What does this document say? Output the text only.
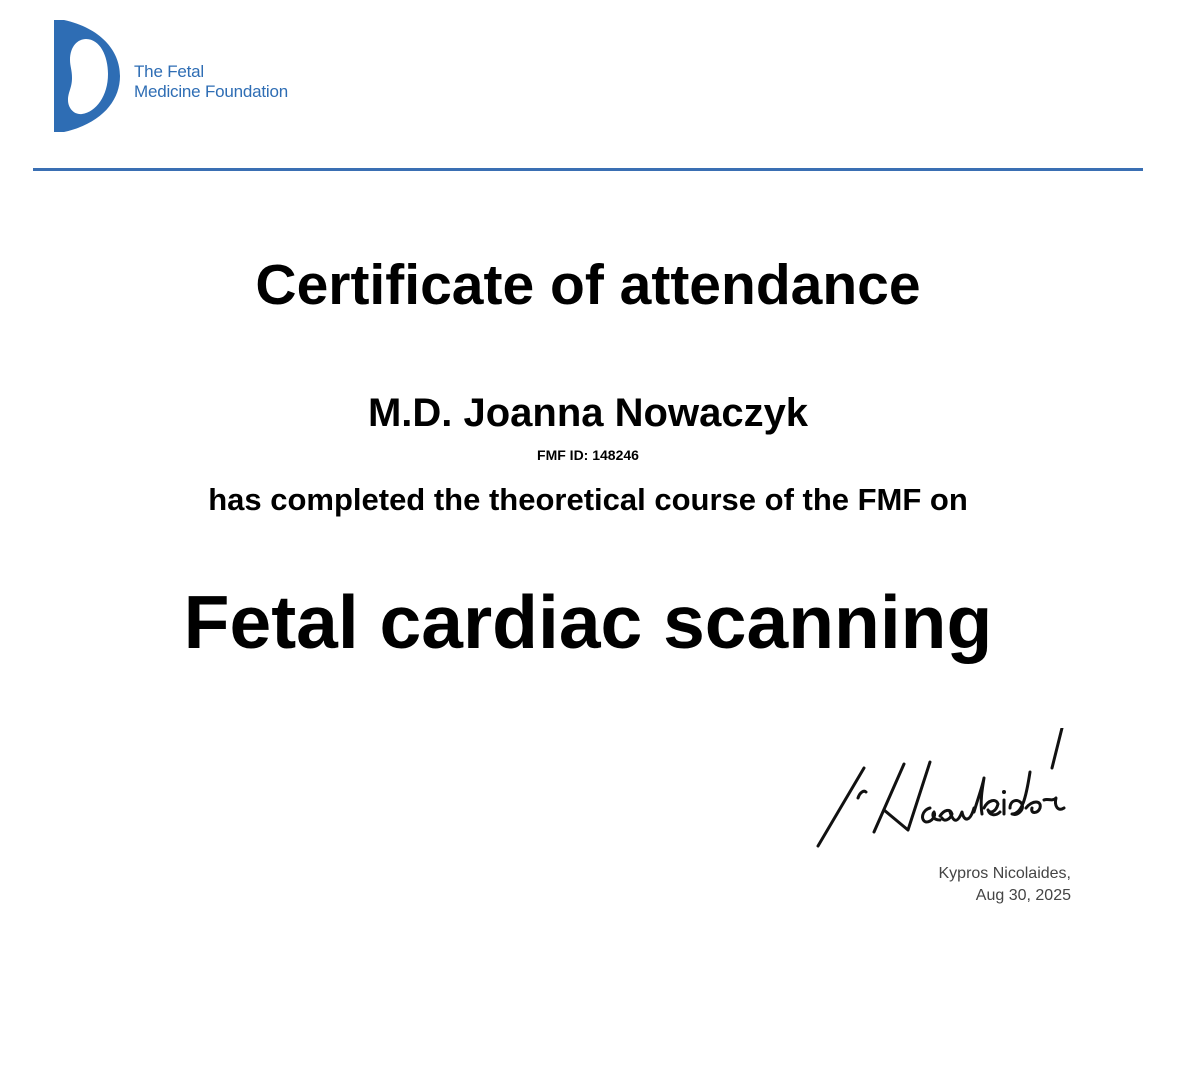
The Fetal
Medicine Foundation
Certificate of attendance
M.D. Joanna Nowaczyk
FMF ID: 148246
has completed the theoretical course of the FMF on
Fetal cardiac scanning
Kypros Nicolaides,
Aug 30, 2025
